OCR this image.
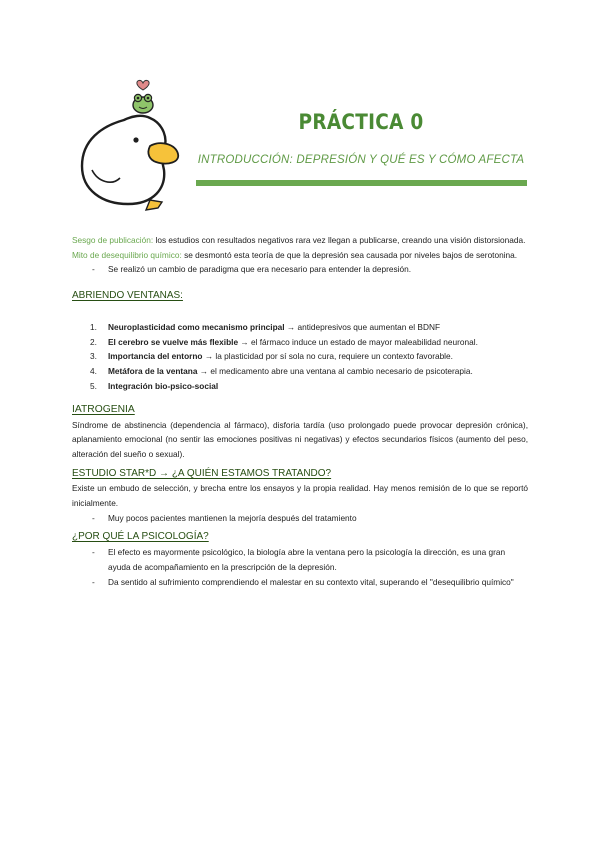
PRÁCTICA 0
INTRODUCCIÓN: DEPRESIÓN Y QUÉ ES Y CÓMO AFECTA

Sesgo de publicación: los estudios con resultados negativos rara vez llegan a publicarse, creando una visión distorsionada.

Mito de desequilibrio químico: se desmontó esta teoría de que la depresión sea causada por niveles bajos de serotonina.

- Se realizó un cambio de paradigma que era necesario para entender la depresión.
ABRIENDO VENTANAS:
1. Neuroplasticidad como mecanismo principal → antidepresivos que aumentan el BDNF
2. El cerebro se vuelve más flexible → el fármaco induce un estado de mayor maleabilidad neuronal.
3. Importancia del entorno → la plasticidad por sí sola no cura, requiere un contexto favorable.
4. Metáfora de la ventana → el medicamento abre una ventana al cambio necesario de psicoterapia.
5. Integración bio-psico-social
IATROGENIA

Síndrome de abstinencia (dependencia al fármaco), disforia tardía (uso prolongado puede provocar depresión crónica), aplanamiento emocional (no sentir las emociones positivas ni negativas) y efectos secundarios físicos (aumento del peso, alteración del sueño o sexual).

ESTUDIO STAR*D → ¿A QUIÉN ESTAMOS TRATANDO?

Existe un embudo de selección, y brecha entre los ensayos y la propia realidad. Hay menos remisión de lo que se reportó inicialmente.

- Muy pocos pacientes mantienen la mejoría después del tratamiento
¿POR QUÉ LA PSICOLOGÍA?
- El efecto es mayormente psicológico, la biología abre la ventana pero la psicología la dirección, es una gran ayuda de acompañamiento en la prescripción de la depresión.
- Da sentido al sufrimiento comprendiendo el malestar en su contexto vital, superando el "desequilibrio químico"
